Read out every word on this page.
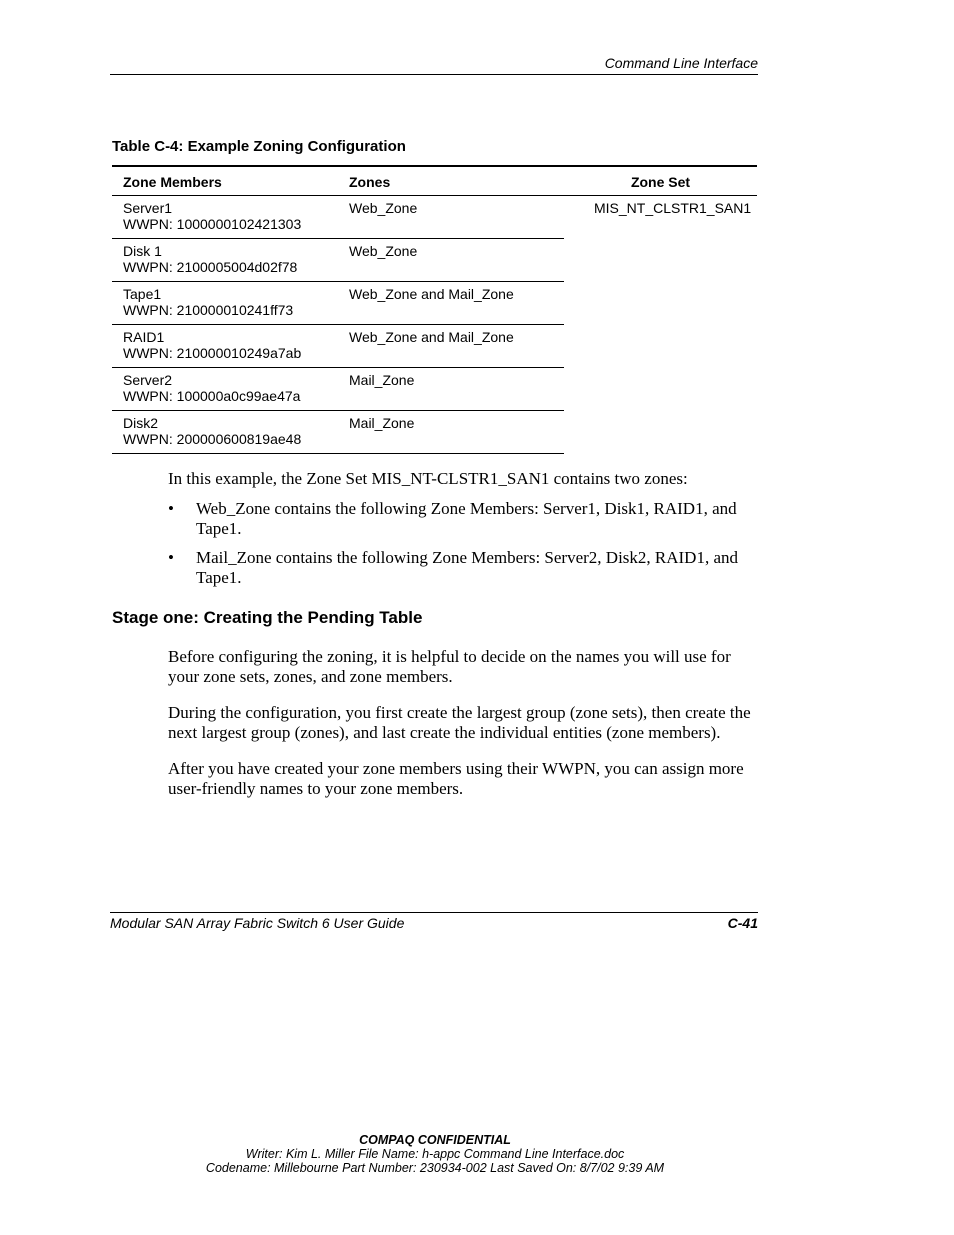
Command Line Interface
Table C-4: Example Zoning Configuration
Zone Members	Zones	Zone Set

Server1
WWPN: 1000000102421303	Web_Zone	MIS_NT_CLSTR1_SAN1

Disk 1
WWPN: 2100005004d02f78	Web_Zone	

Tape1
WWPN: 210000010241ff73	Web_Zone and Mail_Zone	

RAID1
WWPN: 210000010249a7ab	Web_Zone and Mail_Zone	

Server2
WWPN: 100000a0c99ae47a	Mail_Zone	

Disk2
WWPN: 200000600819ae48	Mail_Zone	
In this example, the Zone Set MIS_NT-CLSTR1_SAN1 contains two zones:
• Web_Zone contains the following Zone Members: Server1, Disk1, RAID1, and Tape1.
• Mail_Zone contains the following Zone Members: Server2, Disk2, RAID1, and Tape1.
Stage one: Creating the Pending Table
Before configuring the zoning, it is helpful to decide on the names you will use for your zone sets, zones, and zone members.
During the configuration, you first create the largest group (zone sets), then create the next largest group (zones), and last create the individual entities (zone members).
After you have created your zone members using their WWPN, you can assign more user-friendly names to your zone members.
Modular SAN Array Fabric Switch 6 User Guide	C-41
COMPAQ CONFIDENTIAL
Writer: Kim L. Miller File Name: h-appc Command Line Interface.doc
Codename: Millebourne Part Number: 230934-002 Last Saved On: 8/7/02 9:39 AM
